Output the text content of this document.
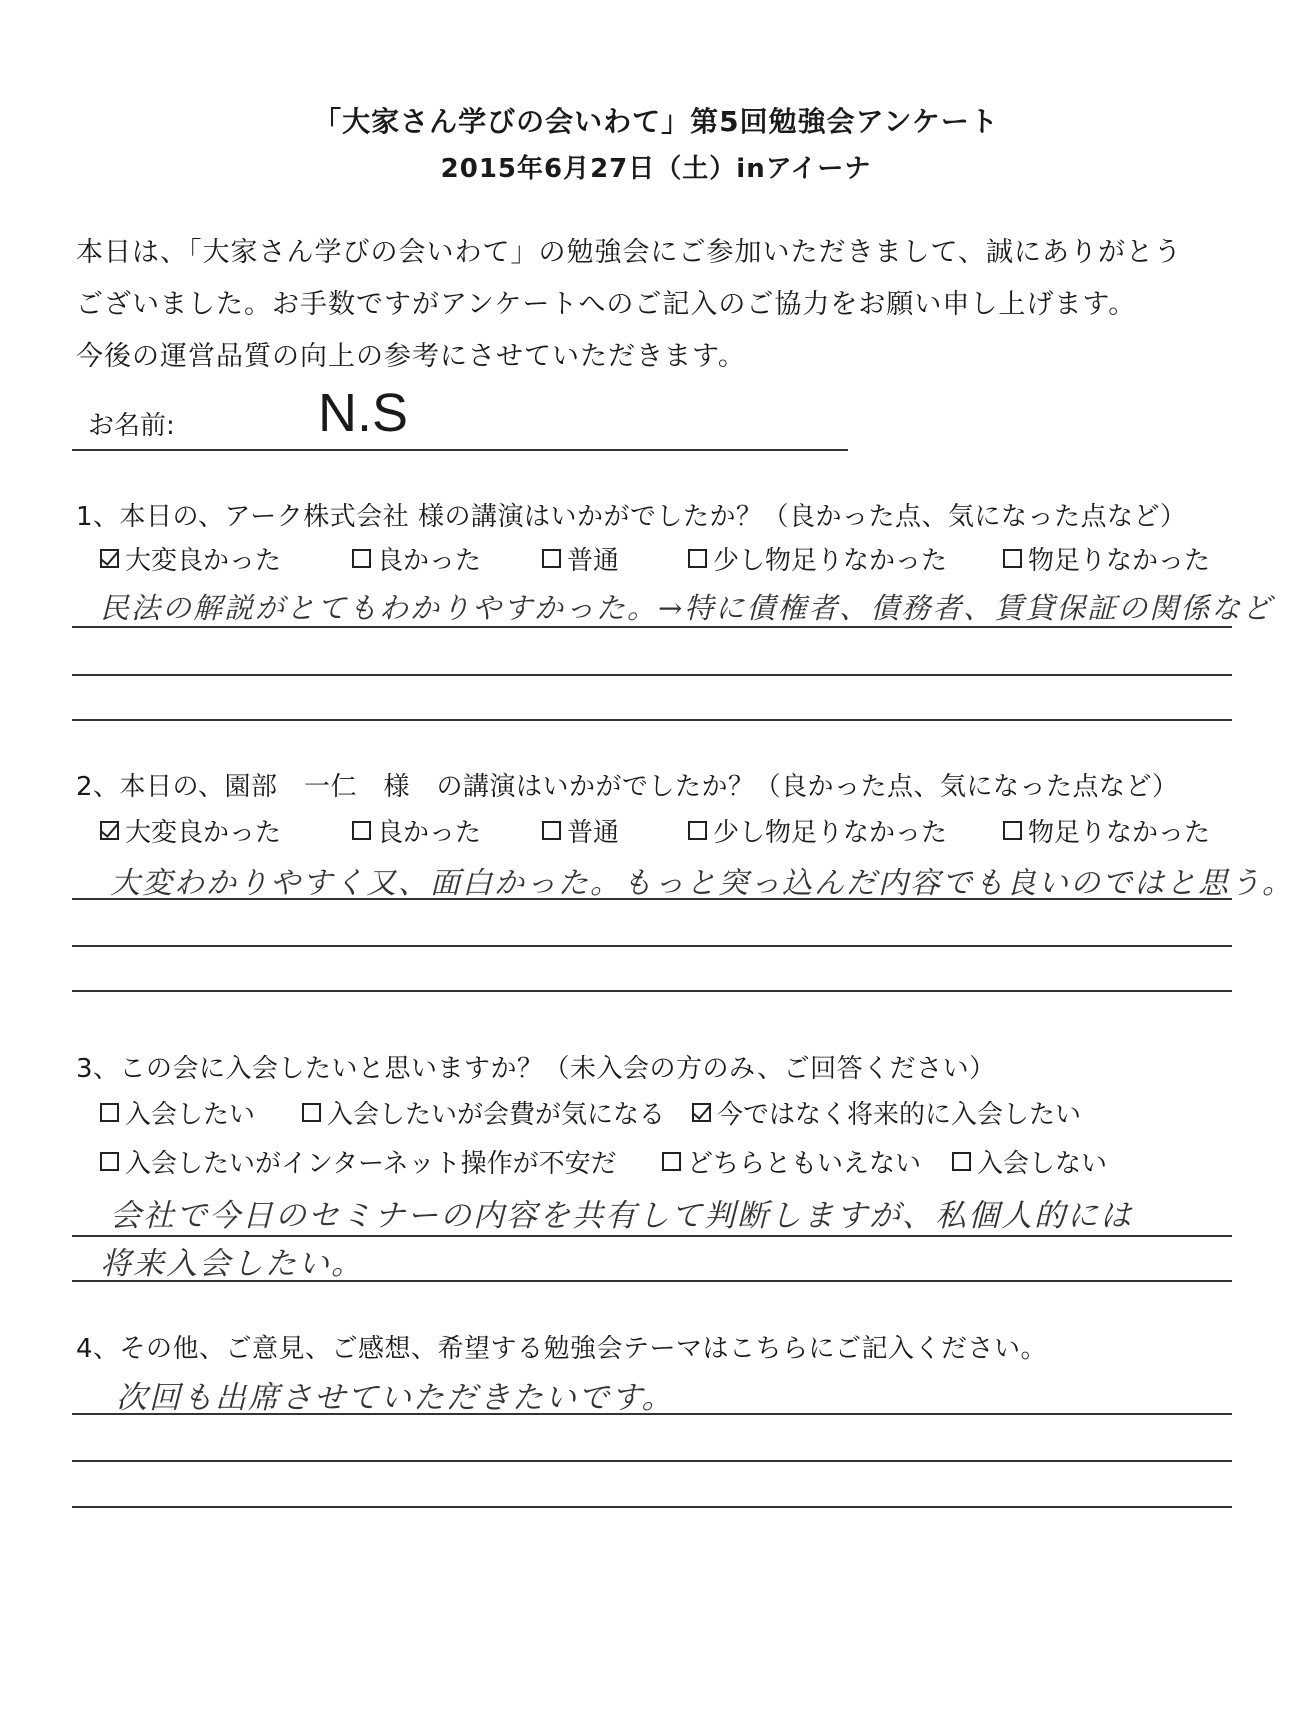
「大家さん学びの会いわて」第5回勉強会アンケート
2015年6月27日（土）inアイーナ
本日は、「大家さん学びの会いわて」の勉強会にご参加いただきまして、誠にありがとう
ございました。お手数ですがアンケートへのご記入のご協力をお願い申し上げます。
今後の運営品質の向上の参考にさせていただきます。
お名前:	N.S
1、本日の、アーク株式会社 様の講演はいかがでしたか？（良かった点、気になった点など）
大変良かった	良かった	普通	少し物足りなかった	物足りなかった
民法の解説がとてもわかりやすかった。→特に債権者、債務者、賃貸保証の関係など
2、本日の、園部　一仁　様　の講演はいかがでしたか？（良かった点、気になった点など）
大変良かった	良かった	普通	少し物足りなかった	物足りなかった
大変わかりやすく又、面白かった。もっと突っ込んだ内容でも良いのではと思う。
3、この会に入会したいと思いますか？（未入会の方のみ、ご回答ください）
入会したい	入会したいが会費が気になる 今ではなく将来的に入会したい
入会したいがインターネット操作が不安だ	どちらともいえない 入会しない
会社で今日のセミナーの内容を共有して判断しますが、私個人的には
将来入会したい。
4、その他、ご意見、ご感想、希望する勉強会テーマはこちらにご記入ください。
次回も出席させていただきたいです。
